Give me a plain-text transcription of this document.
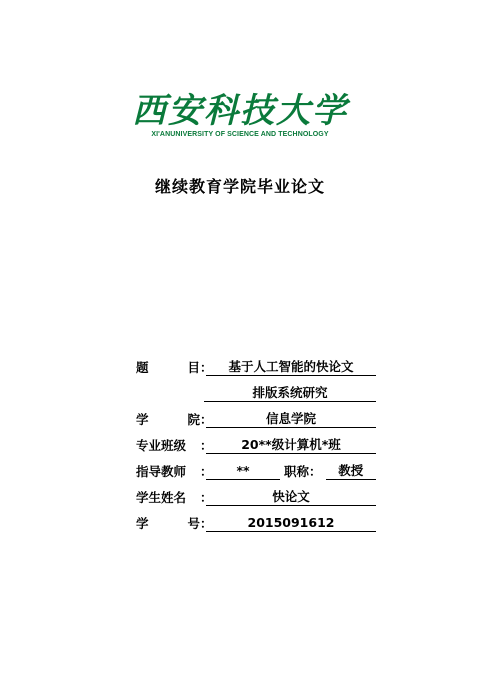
西安科技大学
XI'ANUNIVERSITY OF SCIENCE AND TECHNOLOGY
继续教育学院毕业论文
题	目 ：	基于人工智能的快论文
排版系统研究
学	院 ：	信息学院
专业班级	：	20**级计算机*班
指导教师	：	**	职称：	教授
学生姓名	：	快论文
学	号 ：	2015091612
